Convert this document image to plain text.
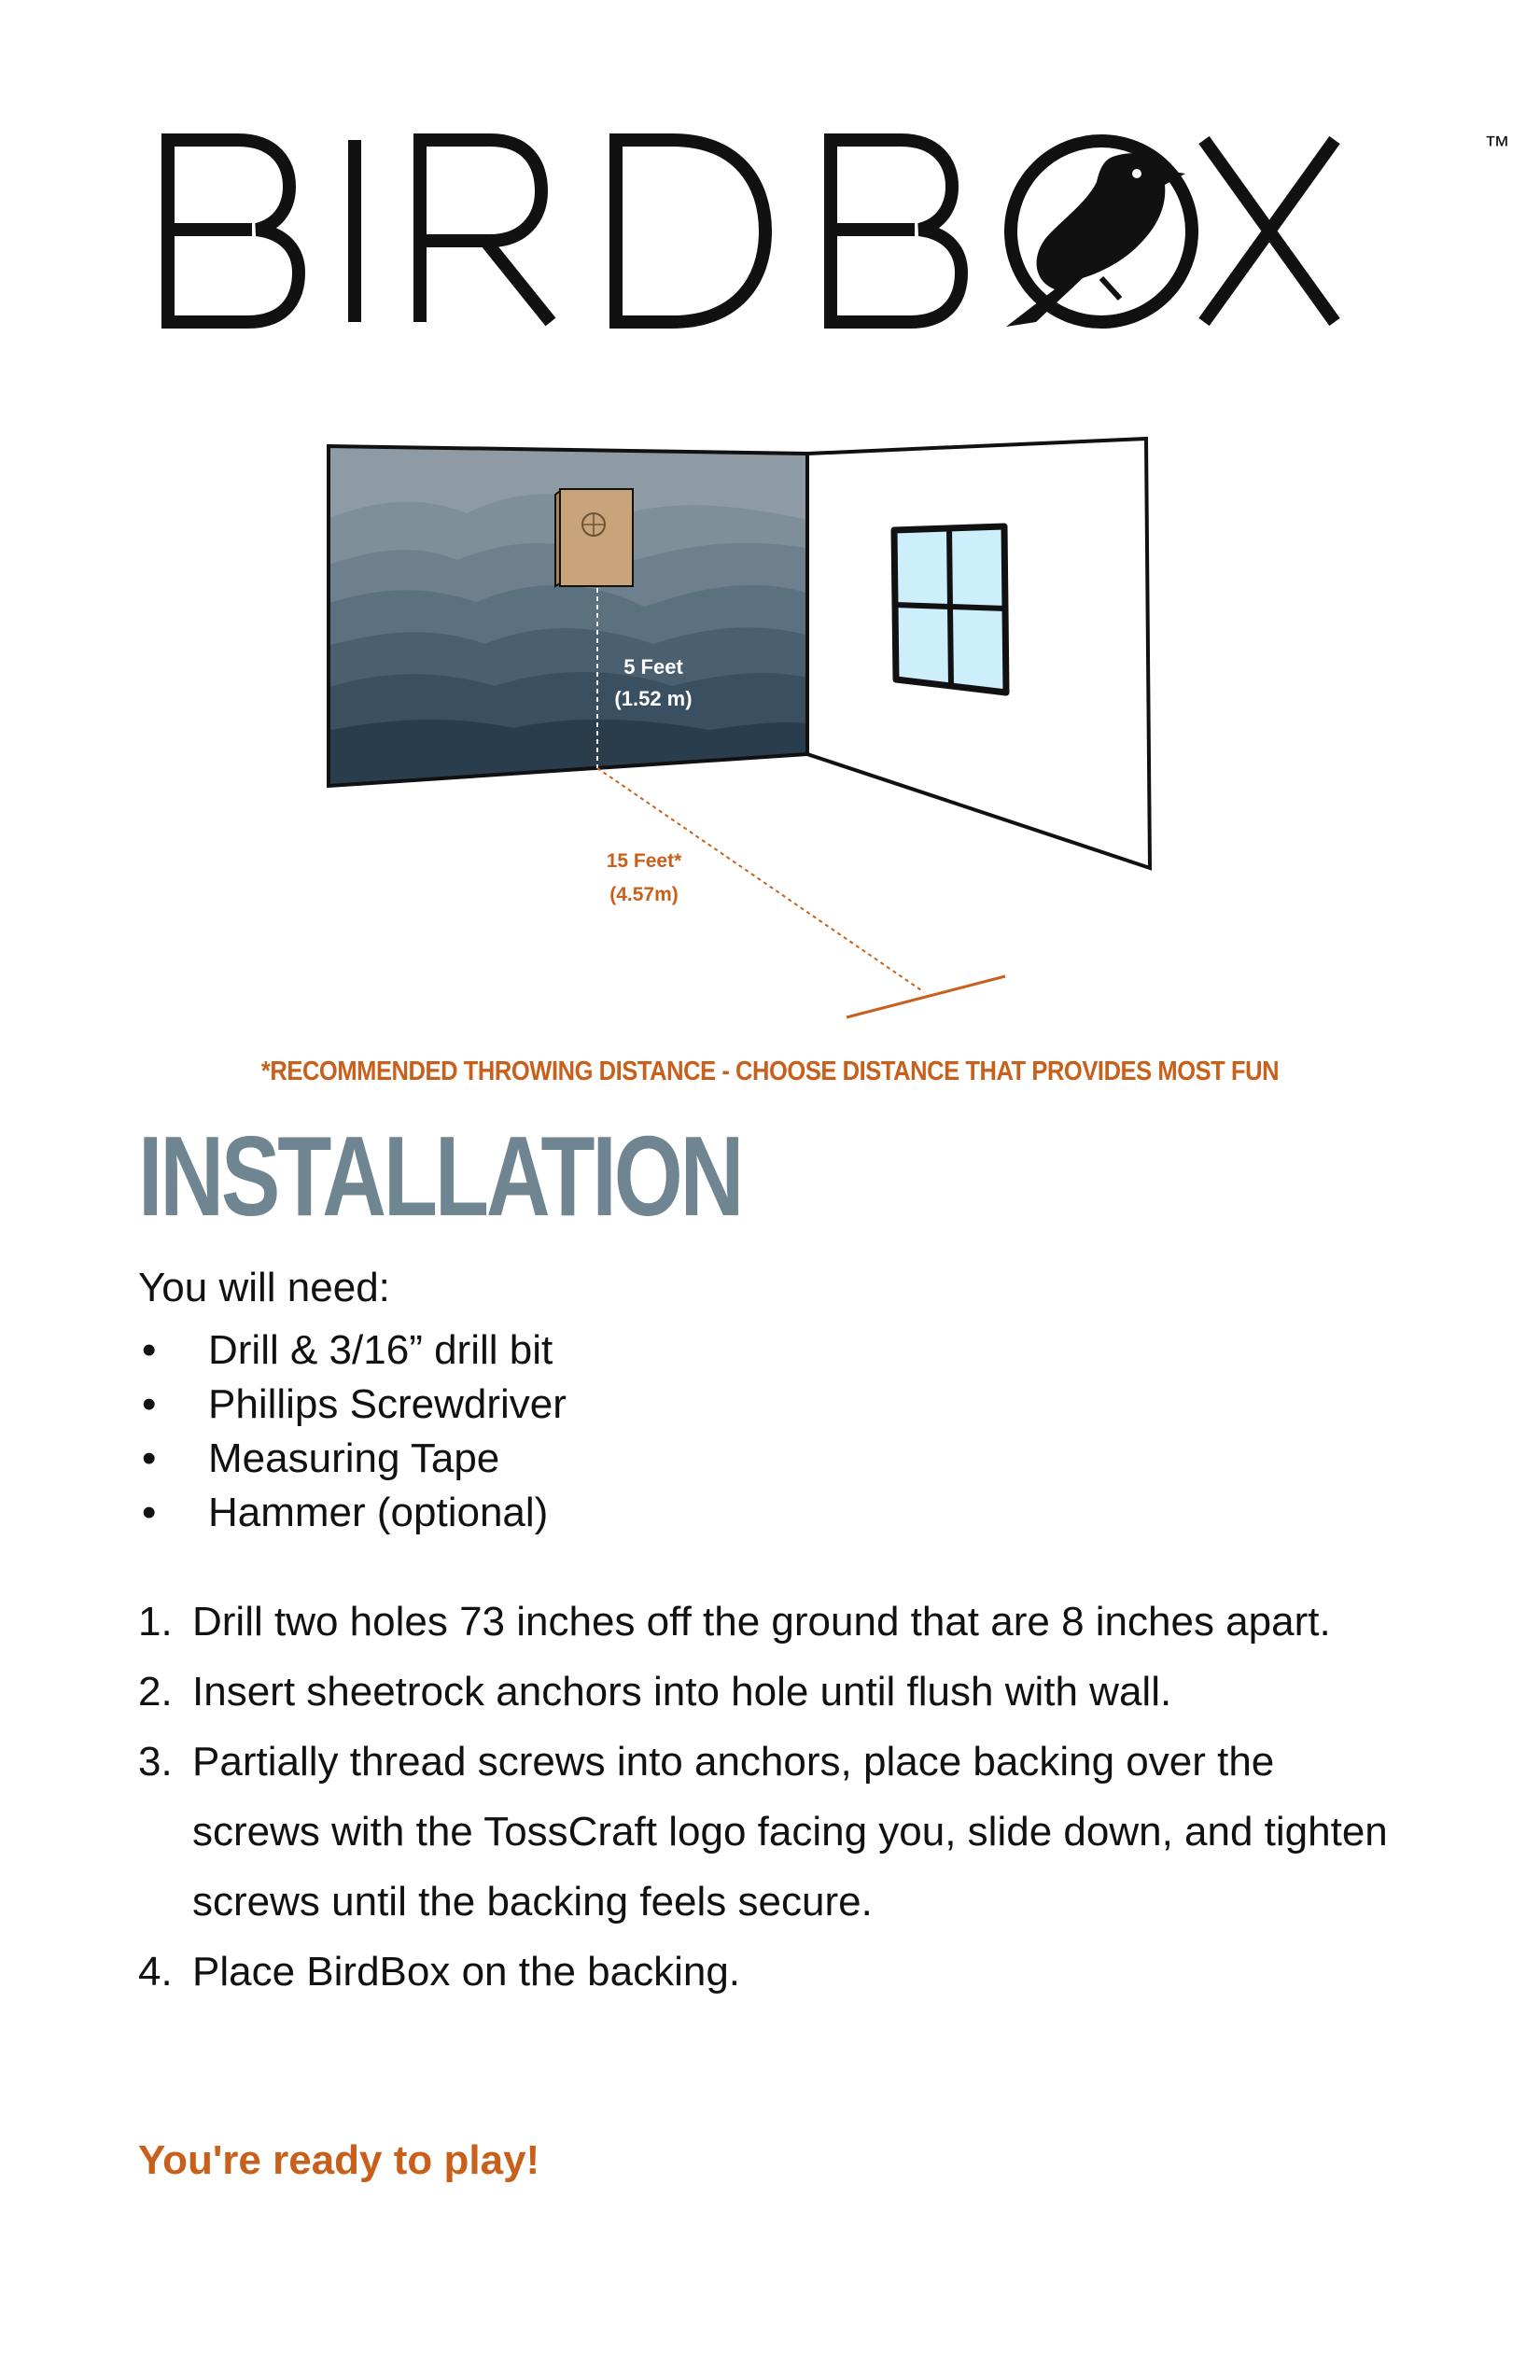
™
5 Feet
(1.52 m)
15 Feet*
(4.57m)
*RECOMMENDED THROWING DISTANCE - CHOOSE DISTANCE THAT PROVIDES MOST FUN
INSTALLATION
You will need:
• Drill & 3/16” drill bit
• Phillips Screwdriver
• Measuring Tape
• Hammer (optional)
1. Drill two holes 73 inches off the ground that are 8 inches apart.
2. Insert sheetrock anchors into hole until flush with wall.
3. Partially thread screws into anchors, place backing over the screws with the TossCraft logo facing you, slide down, and tighten screws until the backing feels secure.
4. Place BirdBox on the backing.
You're ready to play!
